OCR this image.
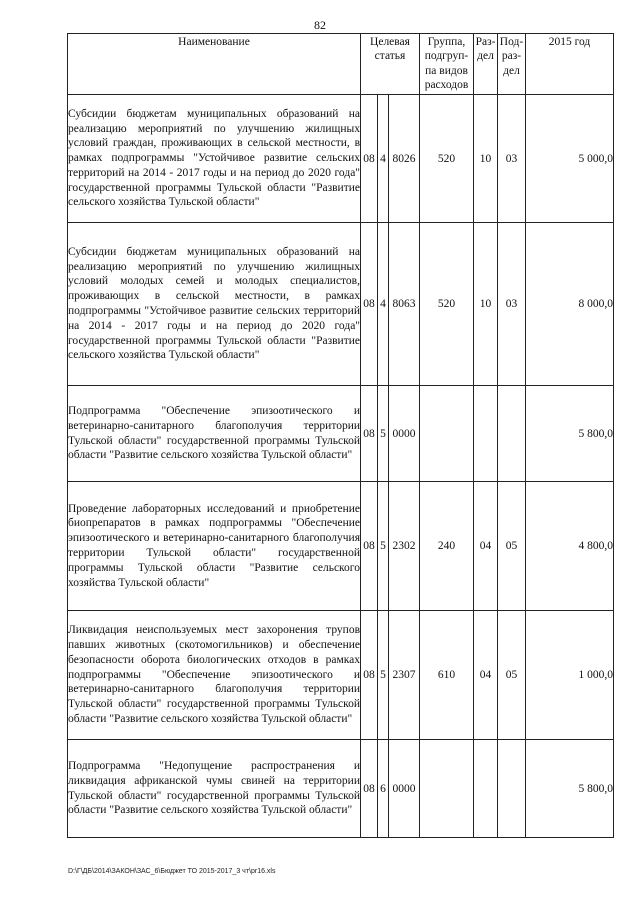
82
Наименование	Целевая статья			Группа, подгруп-па видов расходов	Раз-дел	Под-раз-дел	2015 год
Субсидии бюджетам муниципальных образований на реализацию мероприятий по улучшению жилищных условий граждан, проживающих в сельской местности, в рамках подпрограммы "Устойчивое развитие сельских территорий на 2014 - 2017 годы и на период до 2020 года" государственной программы Тульской области "Развитие сельского хозяйства Тульской области"	08	4	8026	520	10	03	5 000,0
Субсидии бюджетам муниципальных образований на реализацию мероприятий по улучшению жилищных условий молодых семей и молодых специалистов, проживающих в сельской местности, в рамках подпрограммы "Устойчивое развитие сельских территорий на 2014 - 2017 годы и на период до 2020 года" государственной программы Тульской области "Развитие сельского хозяйства Тульской области"	08	4	8063	520	10	03	8 000,0
Подпрограмма "Обеспечение эпизоотического и ветеринарно-санитарного благополучия территории Тульской области" государственной программы Тульской области "Развитие сельского хозяйства Тульской области"	08	5	0000				5 800,0
Проведение лабораторных исследований и приобретение биопрепаратов в рамках подпрограммы "Обеспечение эпизоотического и ветеринарно-санитарного благополучия территории Тульской области" государственной программы Тульской области "Развитие сельского хозяйства Тульской области"	08	5	2302	240	04	05	4 800,0
Ликвидация неиспользуемых мест захоронения трупов павших животных (скотомогильников) и обеспечение безопасности оборота биологических отходов в рамках подпрограммы "Обеспечение эпизоотического и ветеринарно-санитарного благополучия территории Тульской области" государственной программы Тульской области "Развитие сельского хозяйства Тульской области"	08	5	2307	610	04	05	1 000,0
Подпрограмма "Недопущение распространения и ликвидация африканской чумы свиней на территории Тульской области" государственной программы Тульской области "Развитие сельского хозяйства Тульской области"	08	6	0000				5 800,0
D:\Г\ДБ\2014\ЗАКОН\ЗАС_6\Бюджет ТО 2015-2017_3 чт\pr16.xls
